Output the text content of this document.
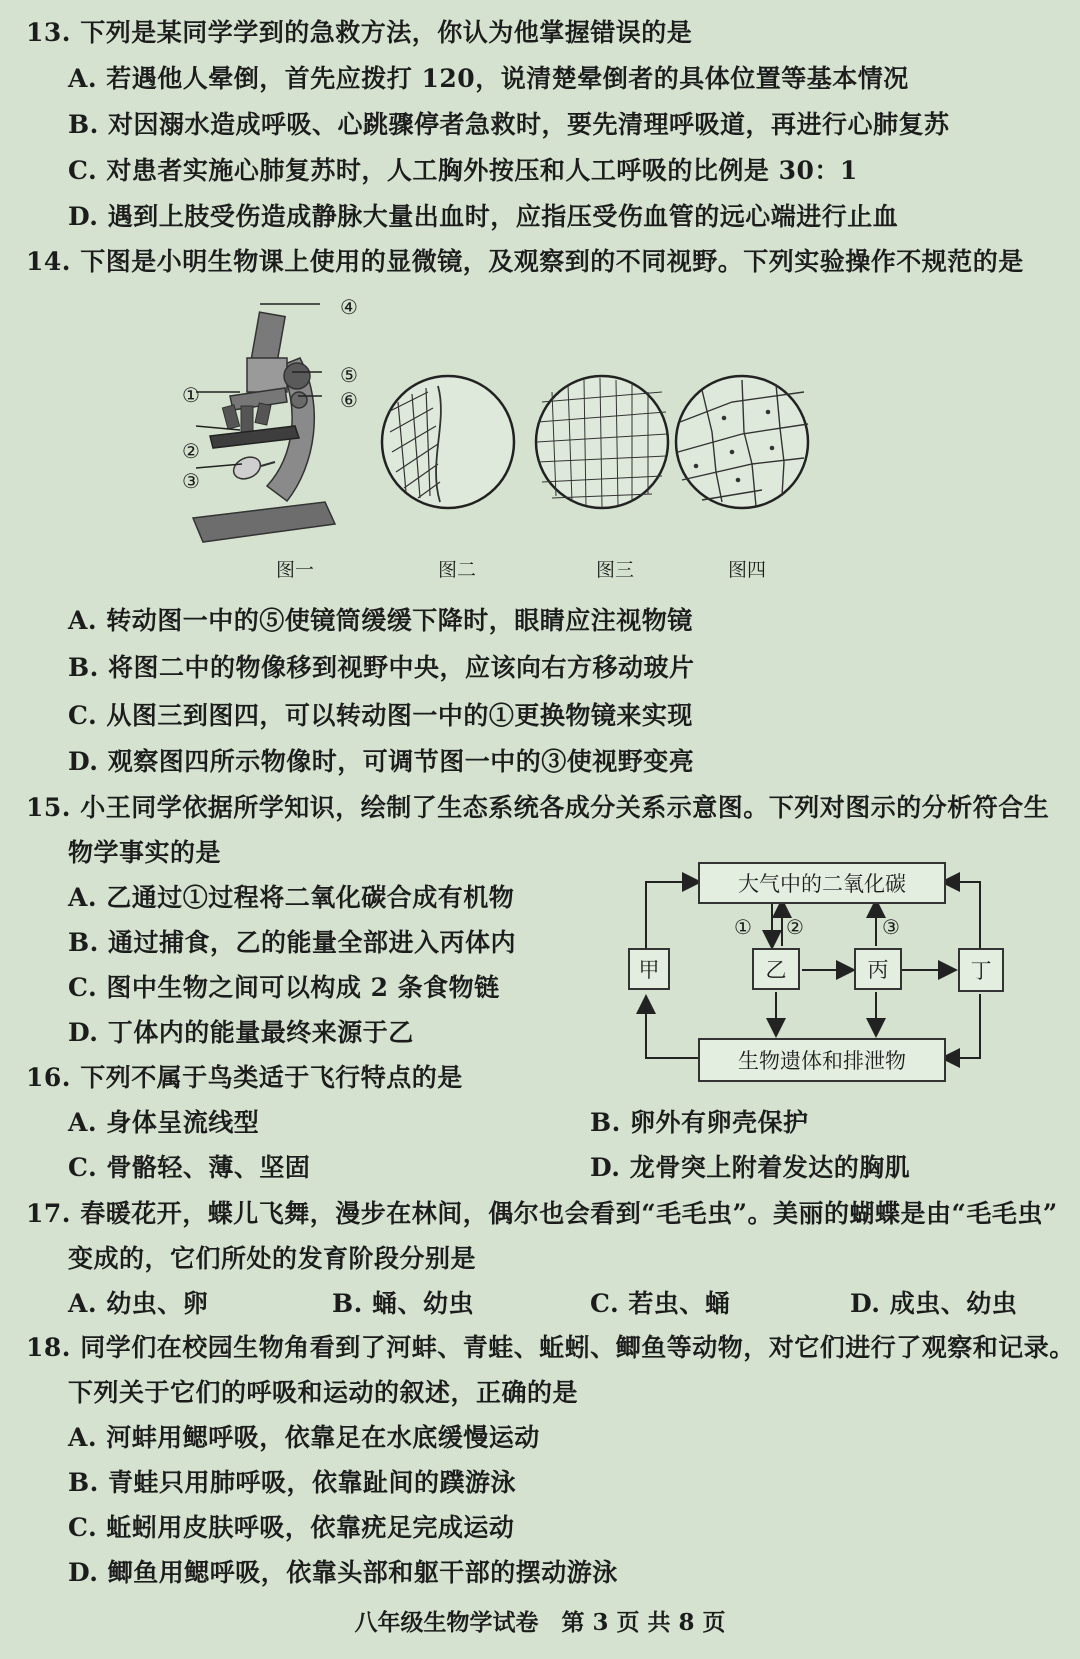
13. 下列是某同学学到的急救方法，你认为他掌握错误的是
A. 若遇他人晕倒，首先应拨打 120，说清楚晕倒者的具体位置等基本情况
B. 对因溺水造成呼吸、心跳骤停者急救时，要先清理呼吸道，再进行心肺复苏
C. 对患者实施心肺复苏时，人工胸外按压和人工呼吸的比例是 30：1
D. 遇到上肢受伤造成静脉大量出血时，应指压受伤血管的远心端进行止血
14. 下图是小明生物课上使用的显微镜，及观察到的不同视野。下列实验操作不规范的是
④
⑤
⑥
①
②
③
图一	图二	图三	图四
A. 转动图一中的⑤使镜筒缓缓下降时，眼睛应注视物镜
B. 将图二中的物像移到视野中央，应该向右方移动玻片
C. 从图三到图四，可以转动图一中的①更换物镜来实现
D. 观察图四所示物像时，可调节图一中的③使视野变亮
15. 小王同学依据所学知识，绘制了生态系统各成分关系示意图。下列对图示的分析符合生
物学事实的是
A. 乙通过①过程将二氧化碳合成有机物
B. 通过捕食，乙的能量全部进入丙体内
C. 图中生物之间可以构成 2 条食物链
D. 丁体内的能量最终来源于乙
大气中的二氧化碳
甲	乙	丙	丁
生物遗体和排泄物
① ②	③
16. 下列不属于鸟类适于飞行特点的是
A. 身体呈流线型	B. 卵外有卵壳保护
C. 骨骼轻、薄、坚固	D. 龙骨突上附着发达的胸肌
17. 春暖花开，蝶儿飞舞，漫步在林间，偶尔也会看到“毛毛虫”。美丽的蝴蝶是由“毛毛虫”
变成的，它们所处的发育阶段分别是
A. 幼虫、卵	B. 蛹、幼虫	C. 若虫、蛹	D. 成虫、幼虫
18. 同学们在校园生物角看到了河蚌、青蛙、蚯蚓、鲫鱼等动物，对它们进行了观察和记录。
下列关于它们的呼吸和运动的叙述，正确的是
A. 河蚌用鳃呼吸，依靠足在水底缓慢运动
B. 青蛙只用肺呼吸，依靠趾间的蹼游泳
C. 蚯蚓用皮肤呼吸，依靠疣足完成运动
D. 鲫鱼用鳃呼吸，依靠头部和躯干部的摆动游泳
八年级生物学试卷　第 3 页 共 8 页
